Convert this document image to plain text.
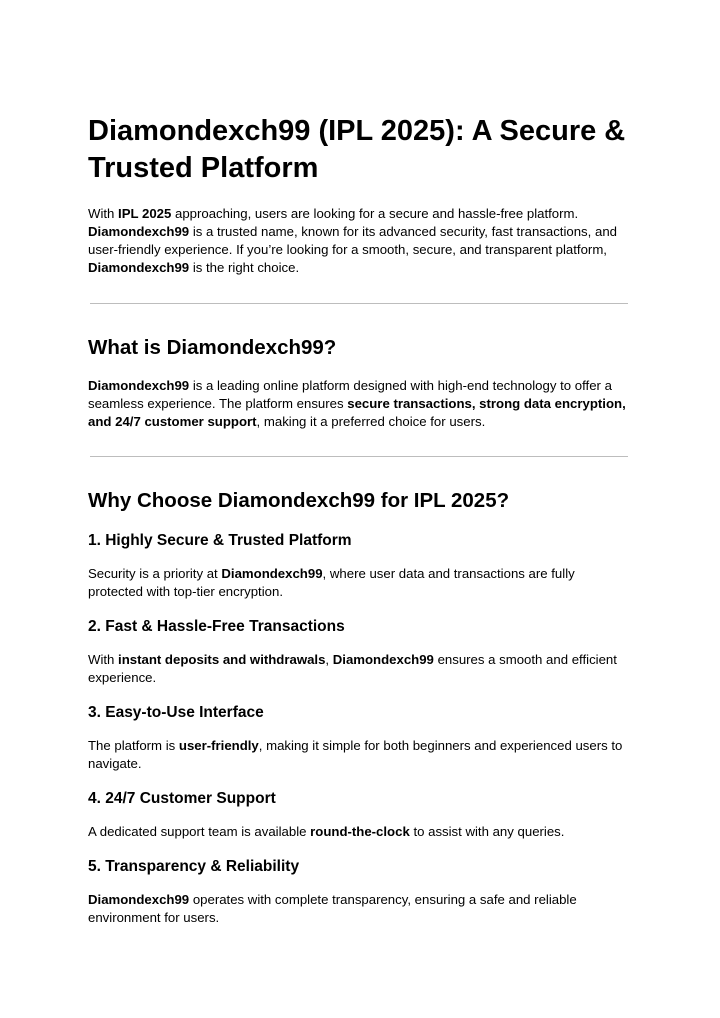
Diamondexch99 (IPL 2025): A Secure & Trusted Platform

With IPL 2025 approaching, users are looking for a secure and hassle-free platform. Diamondexch99 is a trusted name, known for its advanced security, fast transactions, and user-friendly experience. If you’re looking for a smooth, secure, and transparent platform, Diamondexch99 is the right choice.

What is Diamondexch99?

Diamondexch99 is a leading online platform designed with high-end technology to offer a seamless experience. The platform ensures secure transactions, strong data encryption, and 24/7 customer support, making it a preferred choice for users.

Why Choose Diamondexch99 for IPL 2025?
1. Highly Secure & Trusted Platform

Security is a priority at Diamondexch99, where user data and transactions are fully protected with top-tier encryption.

2. Fast & Hassle-Free Transactions

With instant deposits and withdrawals, Diamondexch99 ensures a smooth and efficient experience.

3. Easy-to-Use Interface

The platform is user-friendly, making it simple for both beginners and experienced users to navigate.

4. 24/7 Customer Support

A dedicated support team is available round-the-clock to assist with any queries.

5. Transparency & Reliability

Diamondexch99 operates with complete transparency, ensuring a safe and reliable environment for users.
